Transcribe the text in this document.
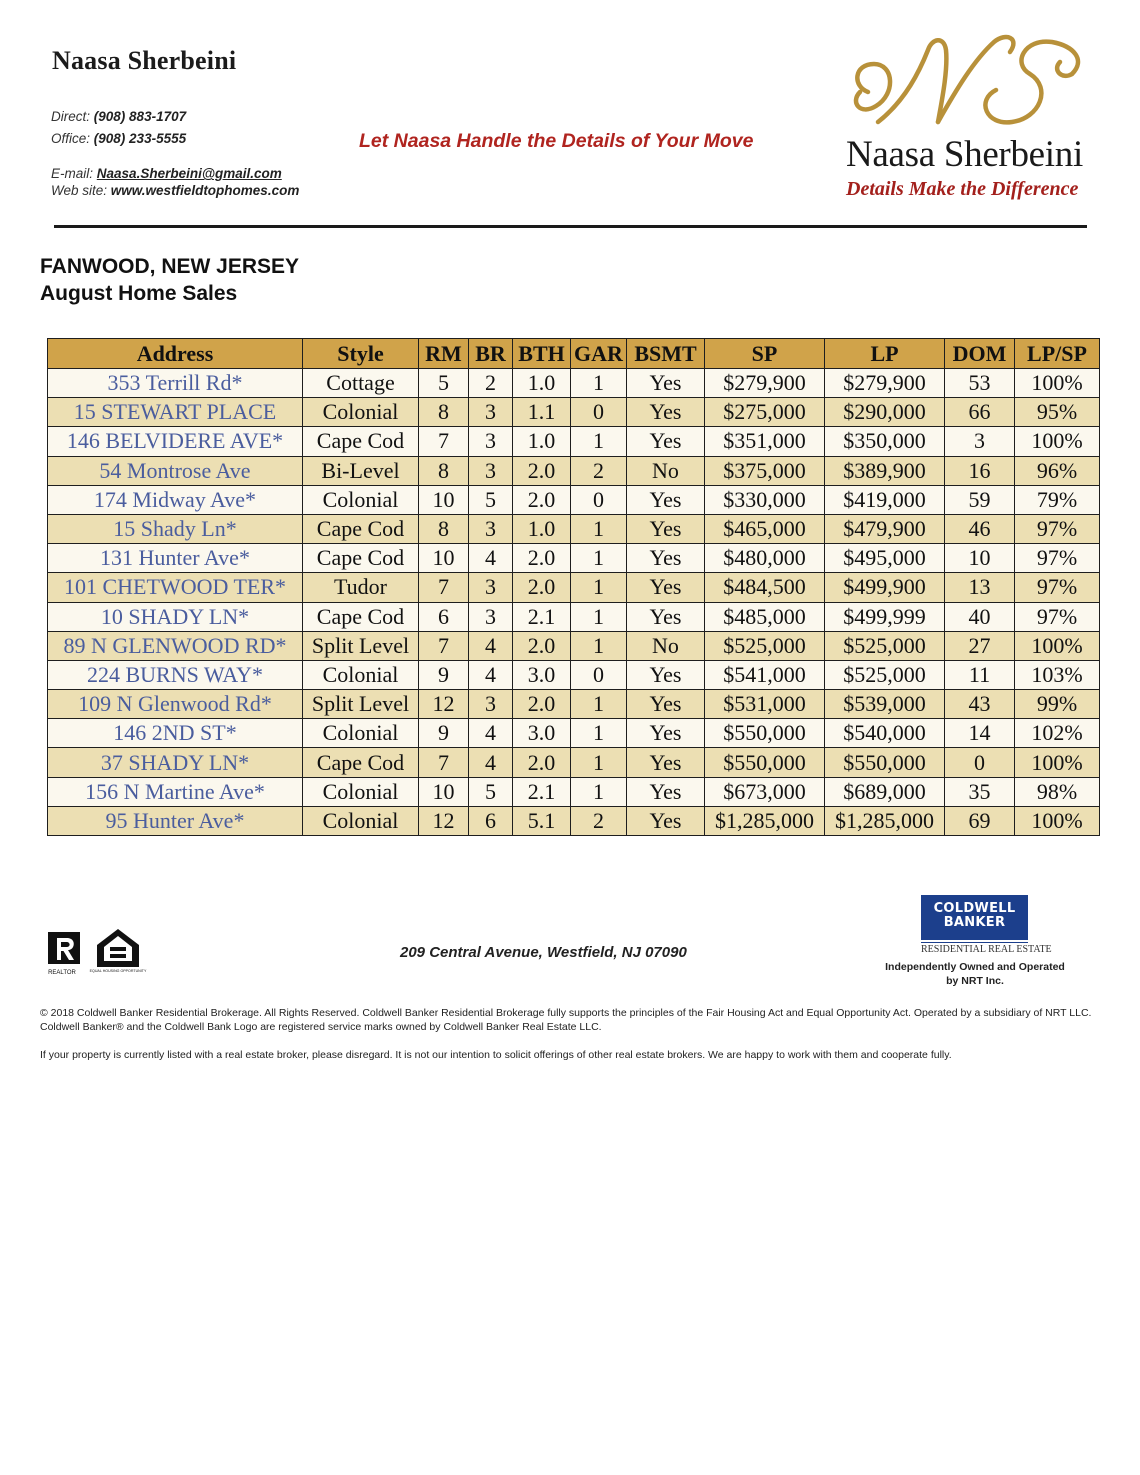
Naasa Sherbeini
Direct: (908) 883-1707
Office: (908) 233-5555
E-mail: Naasa.Sherbeini@gmail.com
Web site: www.westfieldtophomes.com
Let Naasa Handle the Details of Your Move	Naasa Sherbeini
Details Make the Difference
FANWOOD, NEW JERSEY
August Home Sales
Address	Style	RM	BR	BTH	GAR	BSMT	SP	LP	DOM	LP/SP
353 Terrill Rd*	Cottage	5	2	1.0	1	Yes	$279,900	$279,900	53	100%
15 STEWART PLACE	Colonial	8	3	1.1	0	Yes	$275,000	$290,000	66	95%
146 BELVIDERE AVE*	Cape Cod	7	3	1.0	1	Yes	$351,000	$350,000	3	100%
54 Montrose Ave	Bi-Level	8	3	2.0	2	No	$375,000	$389,900	16	96%
174 Midway Ave*	Colonial	10	5	2.0	0	Yes	$330,000	$419,000	59	79%
15 Shady Ln*	Cape Cod	8	3	1.0	1	Yes	$465,000	$479,900	46	97%
131 Hunter Ave*	Cape Cod	10	4	2.0	1	Yes	$480,000	$495,000	10	97%
101 CHETWOOD TER*	Tudor	7	3	2.0	1	Yes	$484,500	$499,900	13	97%
10 SHADY LN*	Cape Cod	6	3	2.1	1	Yes	$485,000	$499,999	40	97%
89 N GLENWOOD RD*	Split Level	7	4	2.0	1	No	$525,000	$525,000	27	100%
224 BURNS WAY*	Colonial	9	4	3.0	0	Yes	$541,000	$525,000	11	103%
109 N Glenwood Rd*	Split Level	12	3	2.0	1	Yes	$531,000	$539,000	43	99%
146 2ND ST*	Colonial	9	4	3.0	1	Yes	$550,000	$540,000	14	102%
37 SHADY LN*	Cape Cod	7	4	2.0	1	Yes	$550,000	$550,000	0	100%
156 N Martine Ave*	Colonial	10	5	2.1	1	Yes	$673,000	$689,000	35	98%
95 Hunter Ave*	Colonial	12	6	5.1	2	Yes	$1,285,000	$1,285,000	69	100%
REALTOR	EQUAL HOUSING OPPORTUNITY
209 Central Avenue, Westfield, NJ 07090
COLDWELL
BANKER
RESIDENTIAL REAL ESTATE
Independently Owned and Operated
by NRT Inc.
© 2018 Coldwell Banker Residential Brokerage. All Rights Reserved. Coldwell Banker Residential Brokerage fully supports the principles of the Fair Housing Act and Equal Opportunity Act. Operated by a subsidiary of NRT LLC. Coldwell Banker® and the Coldwell Bank Logo are registered service marks owned by Coldwell Banker Real Estate LLC.
If your property is currently listed with a real estate broker, please disregard. It is not our intention to solicit offerings of other real estate brokers. We are happy to work with them and cooperate fully.
